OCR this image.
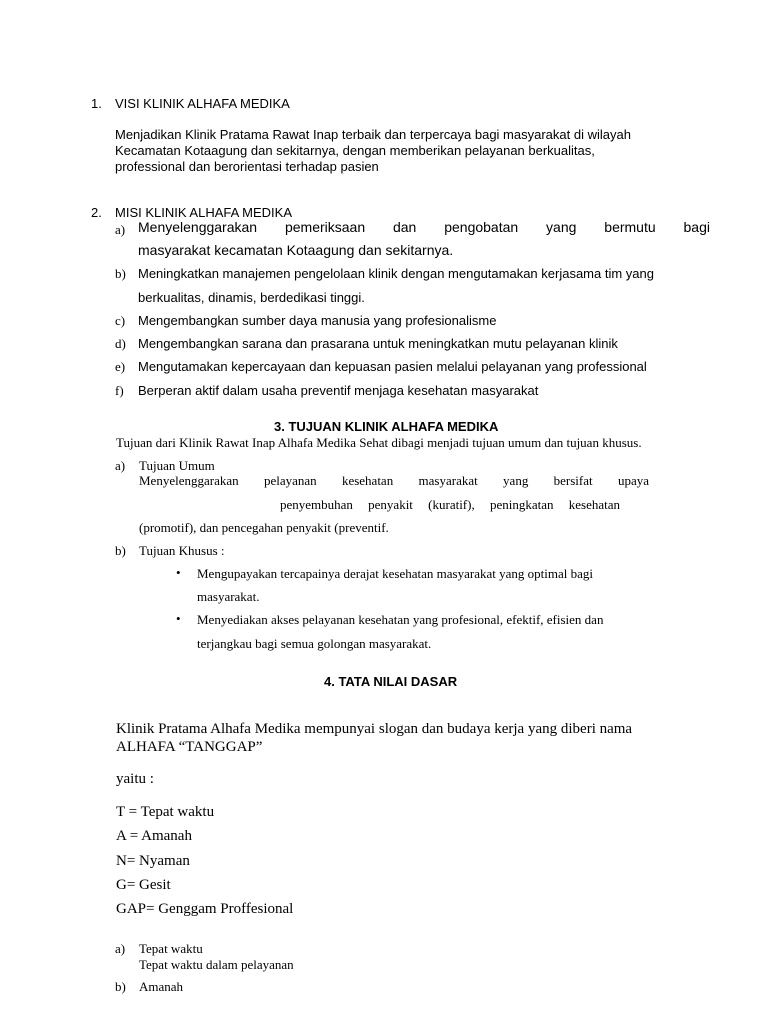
1. VISI KLINIK ALHAFA MEDIKA
Menjadikan Klinik Pratama Rawat Inap terbaik dan terpercaya bagi masyarakat di wilayah
Kecamatan Kotaagung dan sekitarnya, dengan memberikan pelayanan berkualitas,
professional dan berorientasi terhadap pasien
2. MISI KLINIK ALHAFA MEDIKA
a) Menyelenggarakan pemeriksaan dan pengobatan yang bermutu bagi
masyarakat kecamatan Kotaagung dan sekitarnya.
b) Meningkatkan manajemen pengelolaan klinik dengan mengutamakan kerjasama tim yang
berkualitas, dinamis, berdedikasi tinggi.
c) Mengembangkan sumber daya manusia yang profesionalisme
d) Mengembangkan sarana dan prasarana untuk meningkatkan mutu pelayanan klinik
e) Mengutamakan kepercayaan dan kepuasan pasien melalui pelayanan yang professional
f) Berperan aktif dalam usaha preventif menjaga kesehatan masyarakat
3. TUJUAN KLINIK ALHAFA MEDIKA
Tujuan dari Klinik Rawat Inap Alhafa Medika Sehat dibagi menjadi tujuan umum dan tujuan khusus.
a) Tujuan Umum
Menyelenggarakan pelayanan kesehatan masyarakat yang bersifat upaya
penyembuhan penyakit (kuratif), peningkatan kesehatan
(promotif), dan pencegahan penyakit (preventif.
b) Tujuan Khusus :
• Mengupayakan tercapainya derajat kesehatan masyarakat yang optimal bagi
masyarakat.
• Menyediakan akses pelayanan kesehatan yang profesional, efektif, efisien dan
terjangkau bagi semua golongan masyarakat.
4. TATA NILAI DASAR
Klinik Pratama Alhafa Medika mempunyai slogan dan budaya kerja yang diberi nama
ALHAFA “TANGGAP”
yaitu :
T = Tepat waktu
A = Amanah
N= Nyaman
G= Gesit
GAP= Genggam Proffesional
a) Tepat waktu
Tepat waktu dalam pelayanan
b) Amanah
